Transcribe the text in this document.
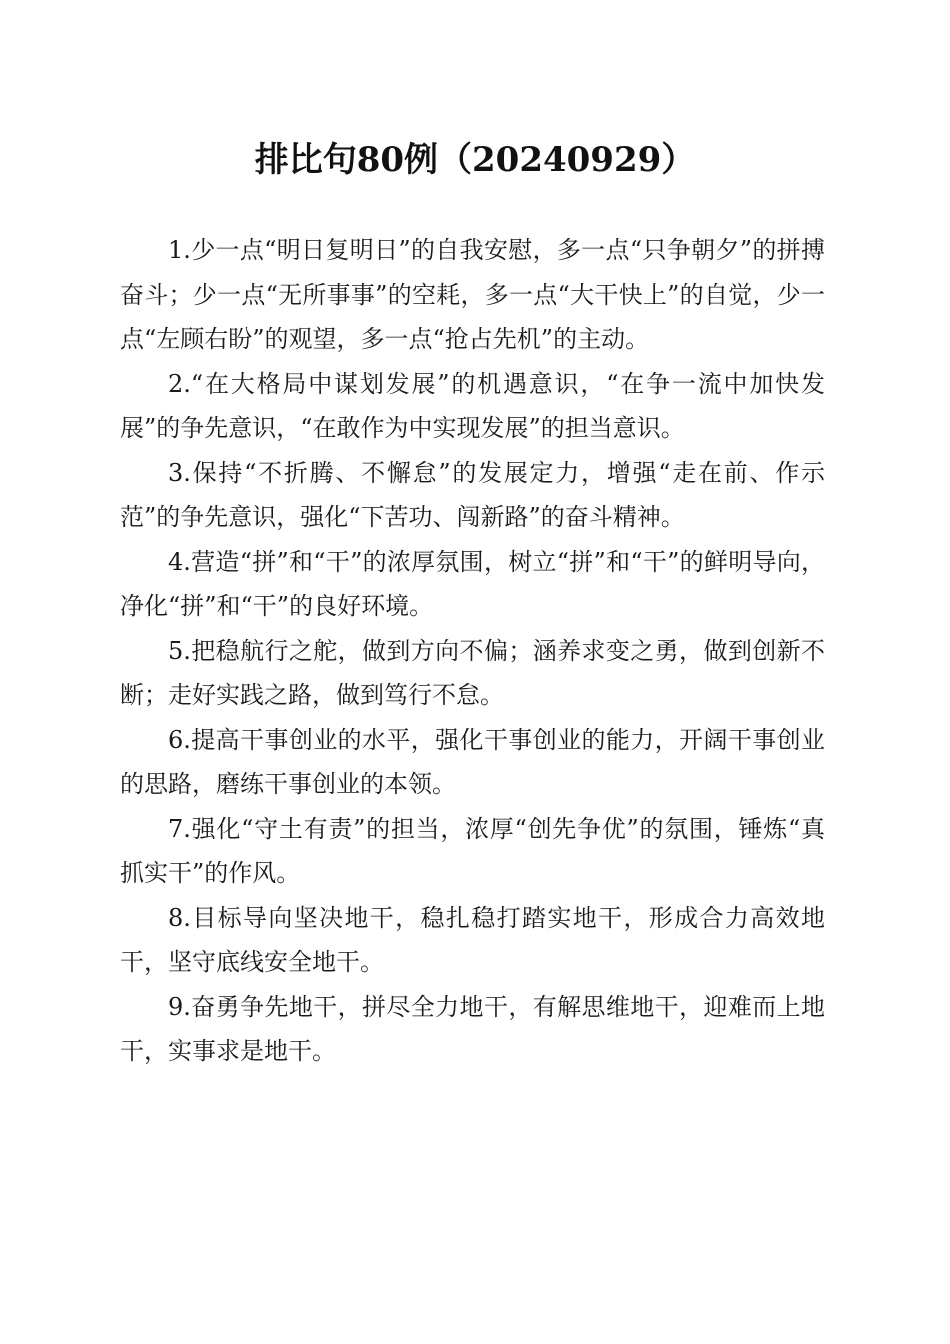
排比句80例（20240929）

1.少一点“明日复明日”的自我安慰，多一点“只争朝夕”的拼搏奋斗；少一点“无所事事”的空耗，多一点“大干快上”的自觉，少一点“左顾右盼”的观望，多一点“抢占先机”的主动。

2.“在大格局中谋划发展”的机遇意识，“在争一流中加快发展”的争先意识，“在敢作为中实现发展”的担当意识。

3.保持“不折腾、不懈怠”的发展定力，增强“走在前、作示范”的争先意识，强化“下苦功、闯新路”的奋斗精神。

4.营造“拼”和“干”的浓厚氛围，树立“拼”和“干”的鲜明导向，净化“拼”和“干”的良好环境。

5.把稳航行之舵，做到方向不偏；涵养求变之勇，做到创新不断；走好实践之路，做到笃行不怠。

6.提高干事创业的水平，强化干事创业的能力，开阔干事创业的思路，磨练干事创业的本领。

7.强化“守土有责”的担当，浓厚“创先争优”的氛围，锤炼“真抓实干”的作风。

8.目标导向坚决地干，稳扎稳打踏实地干，形成合力高效地干，坚守底线安全地干。

9.奋勇争先地干，拼尽全力地干，有解思维地干，迎难而上地干，实事求是地干。
